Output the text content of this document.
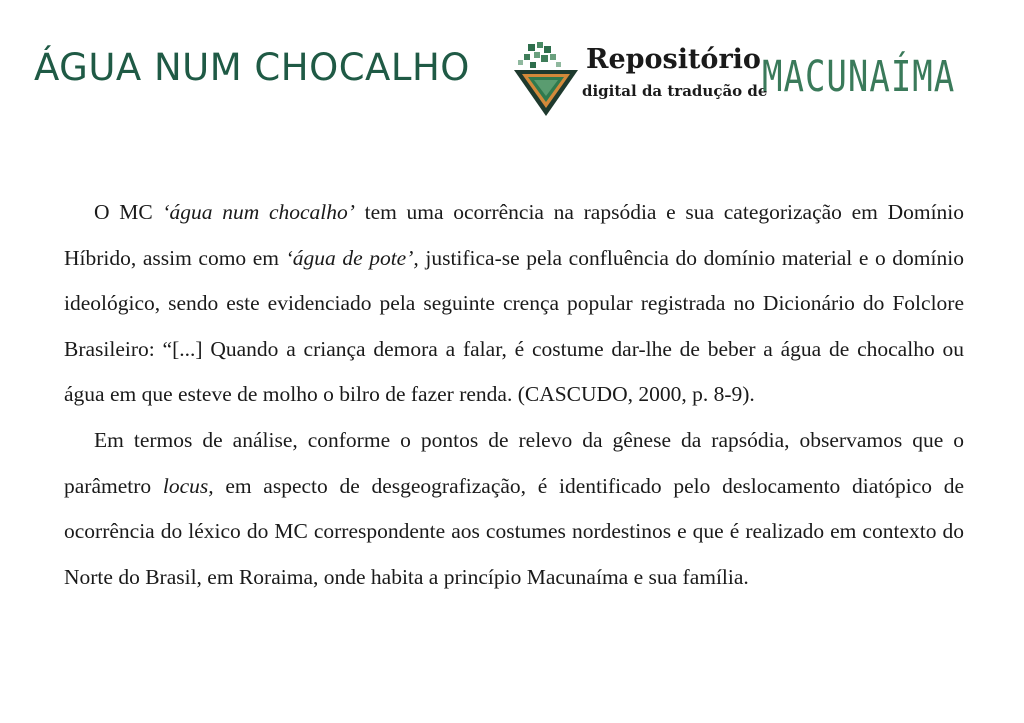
ÁGUA NUM CHOCALHO	Repositório
digital da tradução de
MACUNAÍMA

O MC ‘água num chocalho’ tem uma ocorrência na rapsódia e sua categorização em Domínio Híbrido, assim como em ‘água de pote’, justifica-se pela confluência do domínio material e o domínio ideológico, sendo este evidenciado pela seguinte crença popular registrada no Dicionário do Folclore Brasileiro: “[...] Quando a criança demora a falar, é costume dar-lhe de beber a água de chocalho ou água em que esteve de molho o bilro de fazer renda. (CASCUDO, 2000, p. 8-9).

Em termos de análise, conforme o pontos de relevo da gênese da rapsódia, observamos que o parâmetro locus, em aspecto de desgeografização, é identificado pelo deslocamento diatópico de ocorrência do léxico do MC correspondente aos costumes nordestinos e que é realizado em contexto do Norte do Brasil, em Roraima, onde habita a princípio Macunaíma e sua família.
